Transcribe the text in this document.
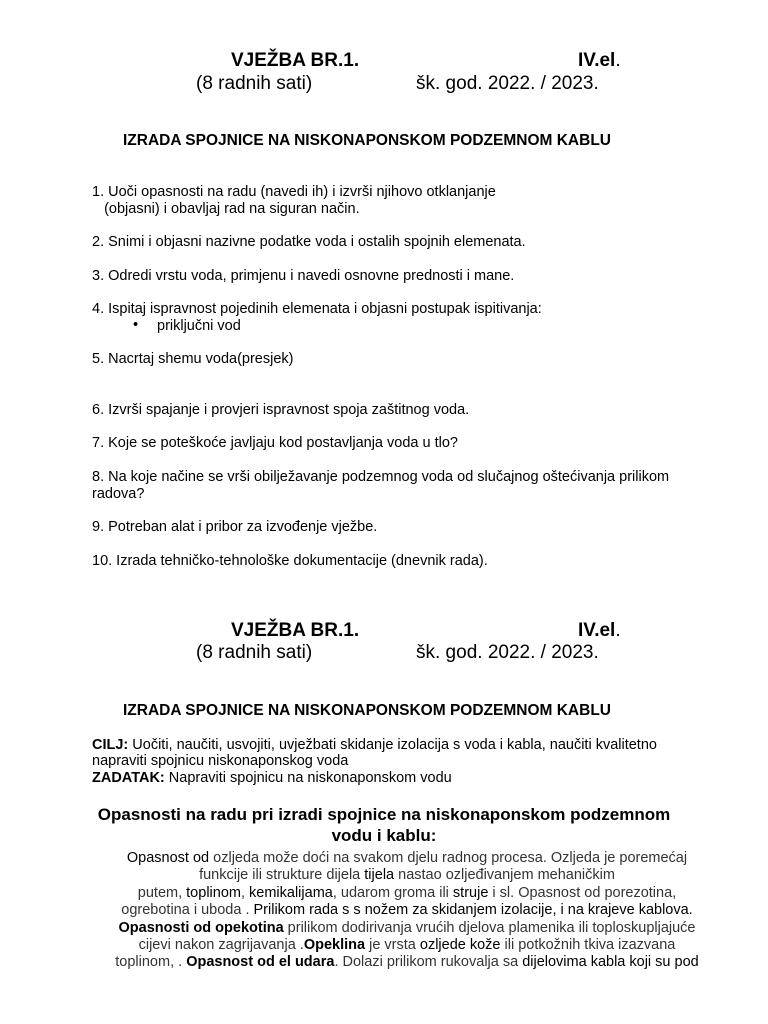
VJEŽBA BR.1.	IV.el.
(8 radnih sati)	šk. god. 2022. / 2023.
IZRADA SPOJNICE NA NISKONAPONSKOM PODZEMNOM KABLU
1. Uoči opasnosti na radu (navedi ih) i izvrši njihovo otklanjanje
(objasni) i obavljaj rad na siguran način.
2. Snimi i objasni nazivne podatke voda i ostalih spojnih elemenata.
3. Odredi vrstu voda, primjenu i navedi osnovne prednosti i mane.
4. Ispitaj ispravnost pojedinih elemenata i objasni postupak ispitivanja:
• priključni vod
5. Nacrtaj shemu voda(presjek)
6. Izvrši spajanje i provjeri ispravnost spoja zaštitnog voda.
7. Koje se poteškoće javljaju kod postavljanja voda u tlo?
8. Na koje načine se vrši obilježavanje podzemnog voda od slučajnog oštećivanja prilikom
radova?
9. Potreban alat i pribor za izvođenje vježbe.
10. Izrada tehničko-tehnološke dokumentacije (dnevnik rada).
VJEŽBA BR.1.	IV.el.
(8 radnih sati)	šk. god. 2022. / 2023.
IZRADA SPOJNICE NA NISKONAPONSKOM PODZEMNOM KABLU
CILJ: Uočiti, naučiti, usvojiti, uvježbati skidanje izolacija s voda i kabla, naučiti kvalitetno
napraviti spojnicu niskonaponskog voda
ZADATAK: Napraviti spojnicu na niskonaponskom vodu
Opasnosti na radu pri izradi spojnice na niskonaponskom podzemnom
vodu i kablu:
Opasnost od ozljeda može doći na svakom djelu radnog procesa. Ozljeda je poremećaj
funkcije ili strukture dijela tijela nastao ozljeđivanjem mehaničkim
putem, toplinom, kemikalijama, udarom groma ili struje i sl. Opasnost od porezotina,
ogrebotina i uboda . Prilikom rada s s nožem za skidanjem izolacije, i na krajeve kablova.
Opasnosti od opekotina prilikom dodirivanja vrućih djelova plamenika ili toploskupljajuće
cijevi nakon zagrijavanja .Opeklina je vrsta ozljede kože ili potkožnih tkiva izazvana
toplinom, . Opasnost od el udara. Dolazi prilikom rukovalja sa dijelovima kabla koji su pod
